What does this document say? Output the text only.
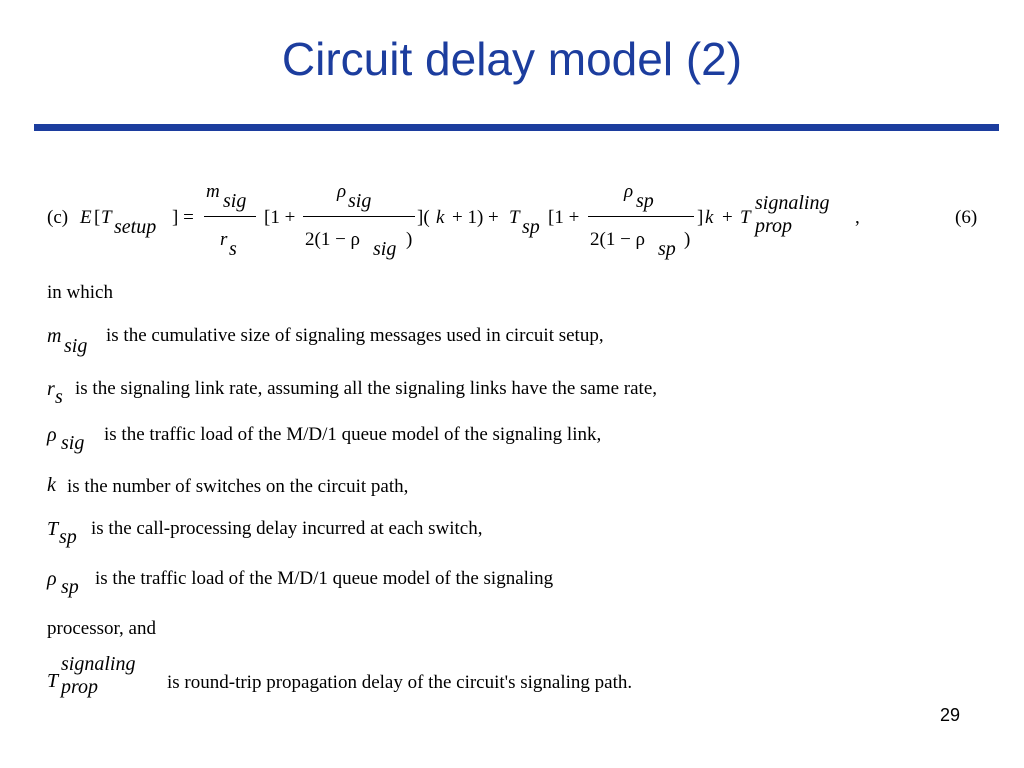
Circuit delay model (2)
(c) E [ T setup ] =
m sig
r s
[1 +
ρ sig
2(1 − ρ sig )
]( k + 1) + T sp [1 +
ρ sp
2(1 − ρ sp )
] k + T
signaling
prop	,	(6)
in which
m sig is the cumulative size of signaling messages used in circuit setup,
r s is the signaling link rate, assuming all the signaling links have the same rate,
ρ sig is the traffic load of the M/D/1 queue model of the signaling link,
k is the number of switches on the circuit path,
T sp is the call-processing delay incurred at each switch,
ρ sp is the traffic load of the M/D/1 queue model of the signaling
processor, and
T
signaling
prop	is round-trip propagation delay of the circuit's signaling path.
29
